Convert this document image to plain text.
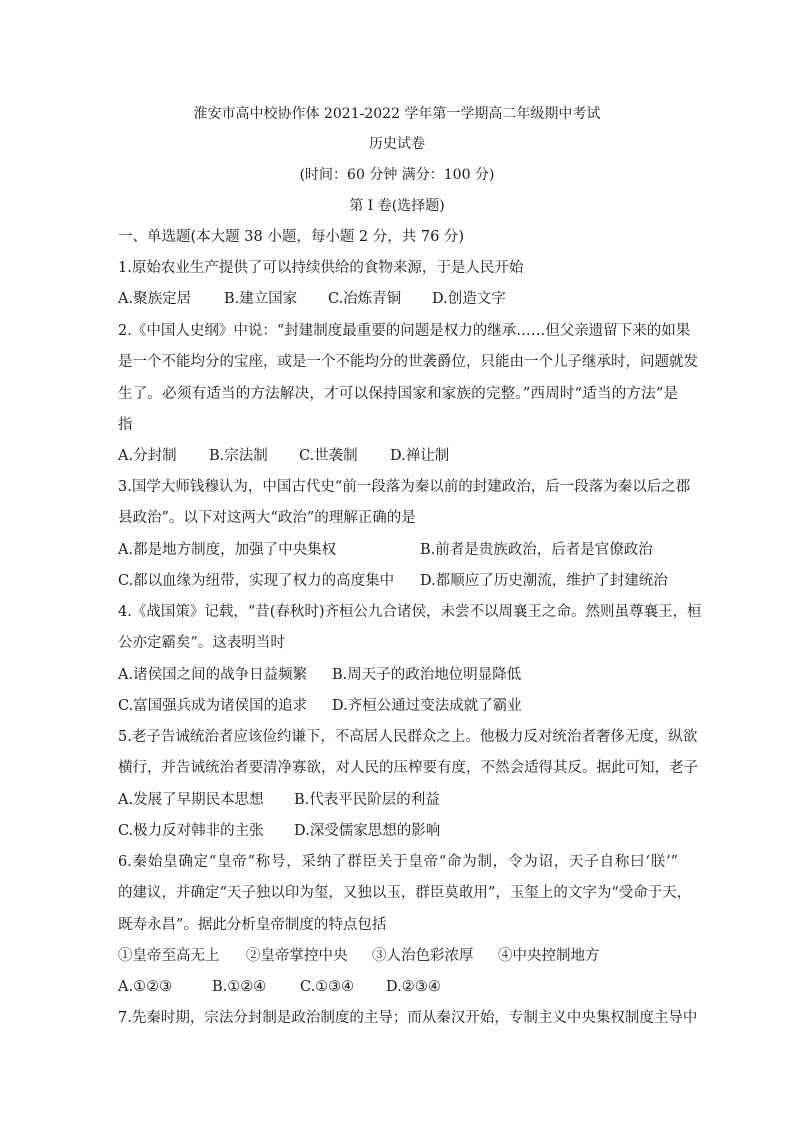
淮安市高中校协作体 2021-2022 学年第一学期高二年级期中考试
历史试卷
(时间：60 分钟 满分：100 分)
第 I 卷(选择题)
一、单选题(本大题 38 小题，每小题 2 分，共 76 分)
1.原始农业生产提供了可以持续供给的食物来源，于是人民开始
A.聚族定居 B.建立国家 C.冶炼青铜 D.创造文字
2.《中国人史纲》中说：“封建制度最重要的问题是权力的继承……但父亲遗留下来的如果
是一个不能均分的宝座，或是一个不能均分的世袭爵位，只能由一个儿子继承时，问题就发
生了。必须有适当的方法解决，才可以保持国家和家族的完整。”西周时“适当的方法”是
指
A.分封制 B.宗法制 C.世袭制 D.禅让制
3.国学大师钱穆认为，中国古代史“前一段落为秦以前的封建政治，后一段落为秦以后之郡
县政治”。以下对这两大“政治”的理解正确的是
A.都是地方制度，加强了中央集权	B.前者是贵族政治，后者是官僚政治
C.都以血缘为纽带，实现了权力的高度集中 D.都顺应了历史潮流，维护了封建统治
4.《战国策》记载，“昔(春秋时)齐桓公九合诸侯，未尝不以周襄王之命。然则虽尊襄王，桓
公亦定霸矣”。这表明当时
A.诸侯国之间的战争日益频繁 B.周天子的政治地位明显降低
C.富国强兵成为诸侯国的追求 D.齐桓公通过变法成就了霸业
5.老子告诫统治者应该俭约谦下，不高居人民群众之上。他极力反对统治者奢侈无度，纵欲
横行，并告诫统治者要清净寡欲，对人民的压榨要有度，不然会适得其反。据此可知，老子
A.发展了早期民本思想 B.代表平民阶层的利益
C.极力反对韩非的主张 D.深受儒家思想的影响
6.秦始皇确定“皇帝”称号，采纳了群臣关于皇帝“命为制，令为诏，天子自称曰‘朕’”
的建议，并确定“天子独以印为玺，又独以玉，群臣莫敢用”，玉玺上的文字为“受命于天，
既寿永昌”。据此分析皇帝制度的特点包括
①皇帝至高无上 ②皇帝掌控中央 ③人治色彩浓厚 ④中央控制地方
A.①②③	B.①②④ C.①③④ D.②③④
7.先秦时期，宗法分封制是政治制度的主导；而从秦汉开始，专制主义中央集权制度主导中
